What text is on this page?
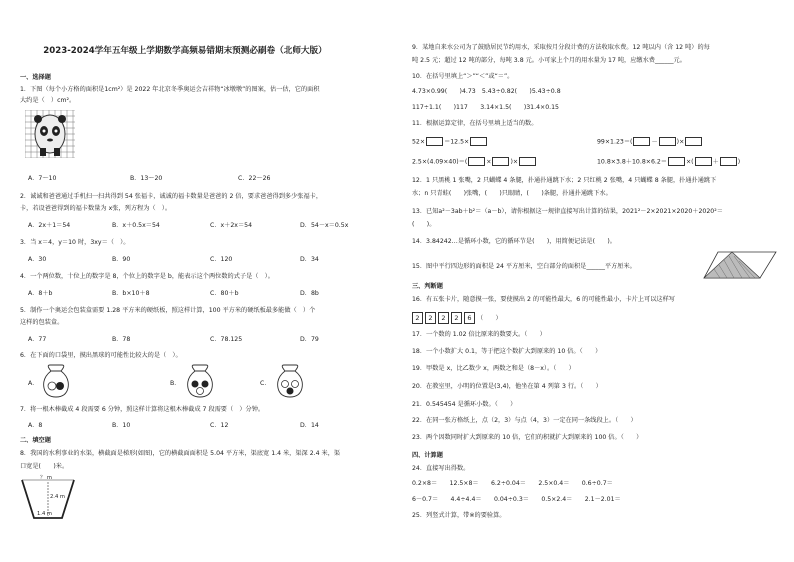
2023-2024学年五年级上学期数学高频易错期末预测必刷卷（北师大版）
一、选择题
1．下图（每个小方格的面积是1cm²）是 2022 年北京冬季奥运会吉祥物“冰墩墩”的图案，估一估，它的面积
大约是（　）cm²。
A．7～10	B．13～20	C．22～26
2．诚诚和爸爸通过手机扫一扫共得到 54 张福卡，诚诚的福卡数量是爸爸的 2 倍，要求爸爸得到多少张福卡，
卡，若设爸爸得到的福卡数量为 x张，列方程为（　）。
A．2x＋1＝54	B．x＋0.5x＝54	C．x＋2x＝54	D．54－x＝0.5x
3．当 x＝4，y＝10 时，3xy＝（　）。
A．30	B．90	C．120	D．34
4．一个两位数，十位上的数字是 8，个位上的数字是 b，能表示这个两位数的式子是（　）。
A．8＋b	B．b×10＋8	C．80＋b	D．8b
5．制作一个奥运会包装盒需要 1.28 平方米的硬纸板，照这样计算，100 平方米的硬纸板最多能做（　）个
这样的包装盒。
A．77	B．78	C．78.125	D．79
6．在下面的口袋里，摸出黑球的可能性比较大的是（　）。
A．	B．	C．
7．将一根木棒截成 4 段需要 6 分钟，照这样计算将这根木棒截成 7 段需要（　）分钟。
A．8	B．10	C．12	D．14
二、填空题
8．我国的水利事业的水渠，横截面是梯形(如图)，它的横截面面积是 5.04 平方米，渠底宽 1.4 米，渠深 2.4 米，渠
口宽是(　　)米。
？ m
2.4 m
1.4 m
9．某地自来水公司为了鼓励居民节约用水，采取按月分段计费的方法收取水费。12 吨以内（含 12 吨）的每
吨 2.5 元；超过 12 吨的部分，每吨 3.8 元。小可家上个月的用水量为 17 吨，应缴水费______元。
10．在括号里填上“＞”“＜”或“＝”。
4.73×0.99(　　)4.73　5.43÷0.82(　　)5.43÷0.8
117÷1.1(　　)117　　3.14×1.5(　　)31.4×0.15
11．根据运算定律，在括号里填上适当的数。
52×	＝12.5×	99×1.23＝(	－	)×
2.5×(4.09×40)＝(	×	)×	10.8×3.8＋10.8×6.2＝	×(	＋	)
12．1 只黑桃 1 张嘴，2 只蝴蝶 4 条腿，扑通扑通跳下水；2 只红桃 2 张嘴，4 只蝴蝶 8 条腿，扑通扑通跳下
水；n 只青蛙(　　)张嘴，(　　)只眼睛，(　　)条腿，扑通扑通跳下水。
13．已知a²－3ab＋b²＝（a－b），请你根据这一规律直接写出计算的结果，2021²－2×2021×2020＋2020²＝
(　　)。
14．3.84242…是循环小数，它的循环节是(　　)，用简便记法是(　　)。
15．图中平行四边形的面积是 24 平方厘米，空白部分的面积是______平方厘米。
三、判断题
16．有五张卡片，随意摸一张，要使摸出 2 的可能性最大，6 的可能性最小，卡片上可以这样写
2 2 2 2 6 （　　）
17．一个数的 1.02 倍比原来的数要大。（　　）
18．一个小数扩大 0.1，等于把这个数扩大到原来的 10 倍。（　　）
19．甲数是 x，比乙数少 x，两数之和是（8－x）。（　　）
20．在教室里，小明的位置是(3,4)，他坐在第 4 列第 3 行。（　　）
21．0.545454 是循环小数。（　　）
22．在同一张方格纸上，点（2，3）与点（4，3）一定在同一条线段上。（　　）
23．两个因数同时扩大到原来的 10 倍，它们的积就扩大到原来的 100 倍。（　　）
四、计算题
24．直接写出得数。
0.2×8＝　　12.5×8＝　　6.2÷0.04＝　　2.5×0.4＝　　0.6÷0.7＝
6－0.7＝　　4.4÷4.4＝　　0.04÷0.3＝　　0.5×2.4＝　　2.1－2.01＝
25．列竖式计算，带※的要验算。
